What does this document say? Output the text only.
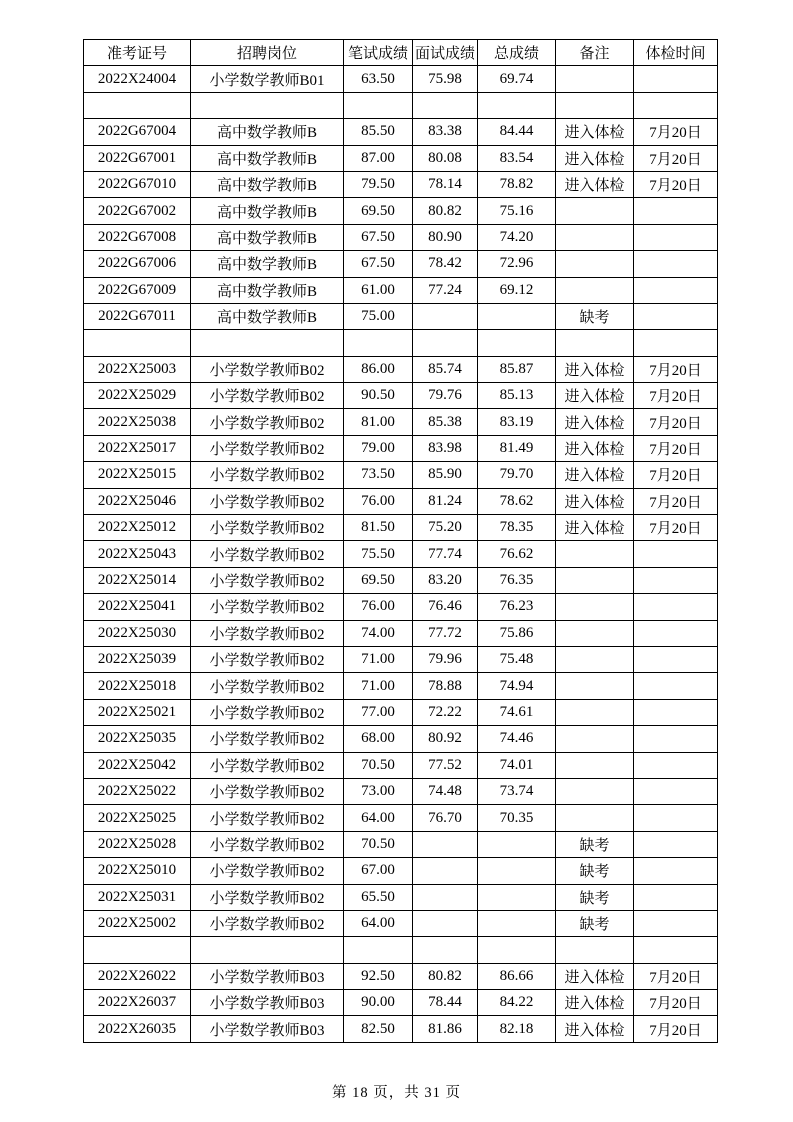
准考证号	招聘岗位	笔试成绩	面试成绩	总成绩	备注	体检时间
2022X24004	小学数学教师B01	63.50	75.98	69.74		

2022G67004	高中数学教师B	85.50	83.38	84.44	进入体检	7月20日
2022G67001	高中数学教师B	87.00	80.08	83.54	进入体检	7月20日
2022G67010	高中数学教师B	79.50	78.14	78.82	进入体检	7月20日
2022G67002	高中数学教师B	69.50	80.82	75.16		
2022G67008	高中数学教师B	67.50	80.90	74.20		
2022G67006	高中数学教师B	67.50	78.42	72.96		
2022G67009	高中数学教师B	61.00	77.24	69.12		
2022G67011	高中数学教师B	75.00			缺考	

2022X25003	小学数学教师B02	86.00	85.74	85.87	进入体检	7月20日
2022X25029	小学数学教师B02	90.50	79.76	85.13	进入体检	7月20日
2022X25038	小学数学教师B02	81.00	85.38	83.19	进入体检	7月20日
2022X25017	小学数学教师B02	79.00	83.98	81.49	进入体检	7月20日
2022X25015	小学数学教师B02	73.50	85.90	79.70	进入体检	7月20日
2022X25046	小学数学教师B02	76.00	81.24	78.62	进入体检	7月20日
2022X25012	小学数学教师B02	81.50	75.20	78.35	进入体检	7月20日
2022X25043	小学数学教师B02	75.50	77.74	76.62		
2022X25014	小学数学教师B02	69.50	83.20	76.35		
2022X25041	小学数学教师B02	76.00	76.46	76.23		
2022X25030	小学数学教师B02	74.00	77.72	75.86		
2022X25039	小学数学教师B02	71.00	79.96	75.48		
2022X25018	小学数学教师B02	71.00	78.88	74.94		
2022X25021	小学数学教师B02	77.00	72.22	74.61		
2022X25035	小学数学教师B02	68.00	80.92	74.46		
2022X25042	小学数学教师B02	70.50	77.52	74.01		
2022X25022	小学数学教师B02	73.00	74.48	73.74		
2022X25025	小学数学教师B02	64.00	76.70	70.35		
2022X25028	小学数学教师B02	70.50			缺考	
2022X25010	小学数学教师B02	67.00			缺考	
2022X25031	小学数学教师B02	65.50			缺考	
2022X25002	小学数学教师B02	64.00			缺考	

2022X26022	小学数学教师B03	92.50	80.82	86.66	进入体检	7月20日
2022X26037	小学数学教师B03	90.00	78.44	84.22	进入体检	7月20日
2022X26035	小学数学教师B03	82.50	81.86	82.18	进入体检	7月20日
第 18 页，共 31 页
